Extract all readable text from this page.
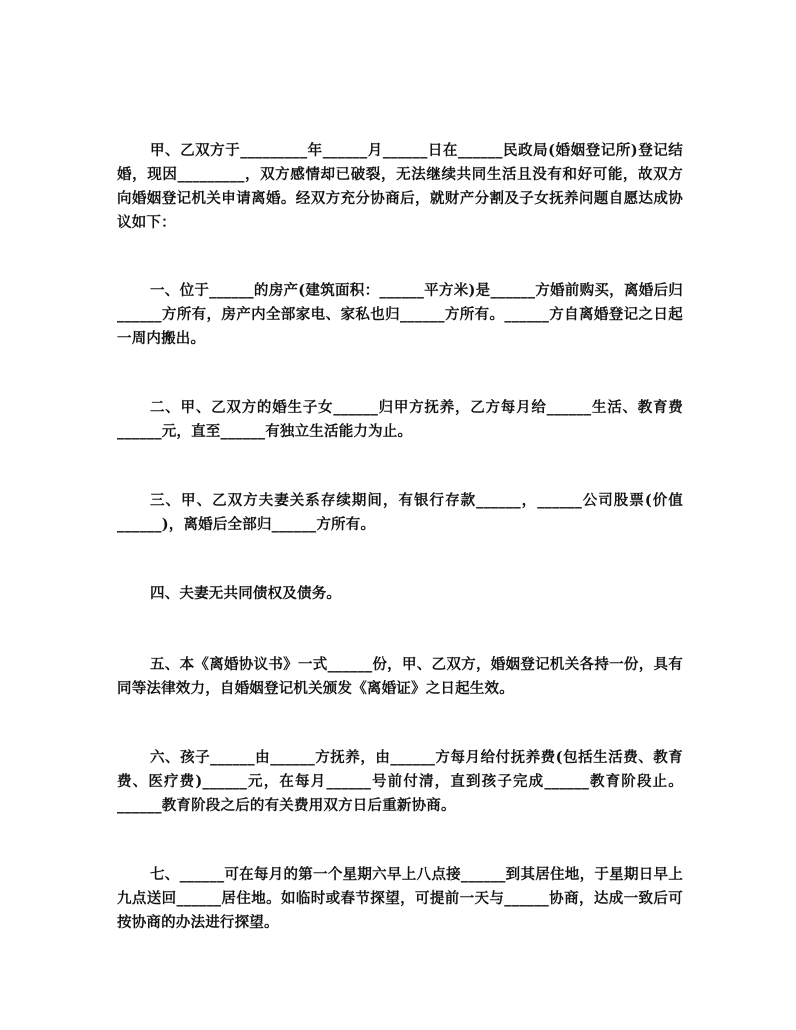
甲、乙双方于_________年______月______日在______民政局(婚姻登记所)登记结婚，现因_________，双方感情却已破裂，无法继续共同生活且没有和好可能，故双方向婚姻登记机关申请离婚。经双方充分协商后，就财产分割及子女抚养问题自愿达成协议如下：

一、位于______的房产(建筑面积：______平方米)是______方婚前购买，离婚后归______方所有，房产内全部家电、家私也归______方所有。______方自离婚登记之日起一周内搬出。

二、甲、乙双方的婚生子女______归甲方抚养，乙方每月给______生活、教育费______元，直至______有独立生活能力为止。

三、甲、乙双方夫妻关系存续期间，有银行存款______，______公司股票(价值______)，离婚后全部归______方所有。

四、夫妻无共同债权及债务。

五、本《离婚协议书》一式______份，甲、乙双方，婚姻登记机关各持一份，具有同等法律效力，自婚姻登记机关颁发《离婚证》之日起生效。

六、孩子______由______方抚养，由______方每月给付抚养费(包括生活费、教育费、医疗费)______元，在每月______号前付清，直到孩子完成______教育阶段止。______教育阶段之后的有关费用双方日后重新协商。

七、______可在每月的第一个星期六早上八点接______到其居住地，于星期日早上九点送回______居住地。如临时或春节探望，可提前一天与______协商，达成一致后可按协商的办法进行探望。
